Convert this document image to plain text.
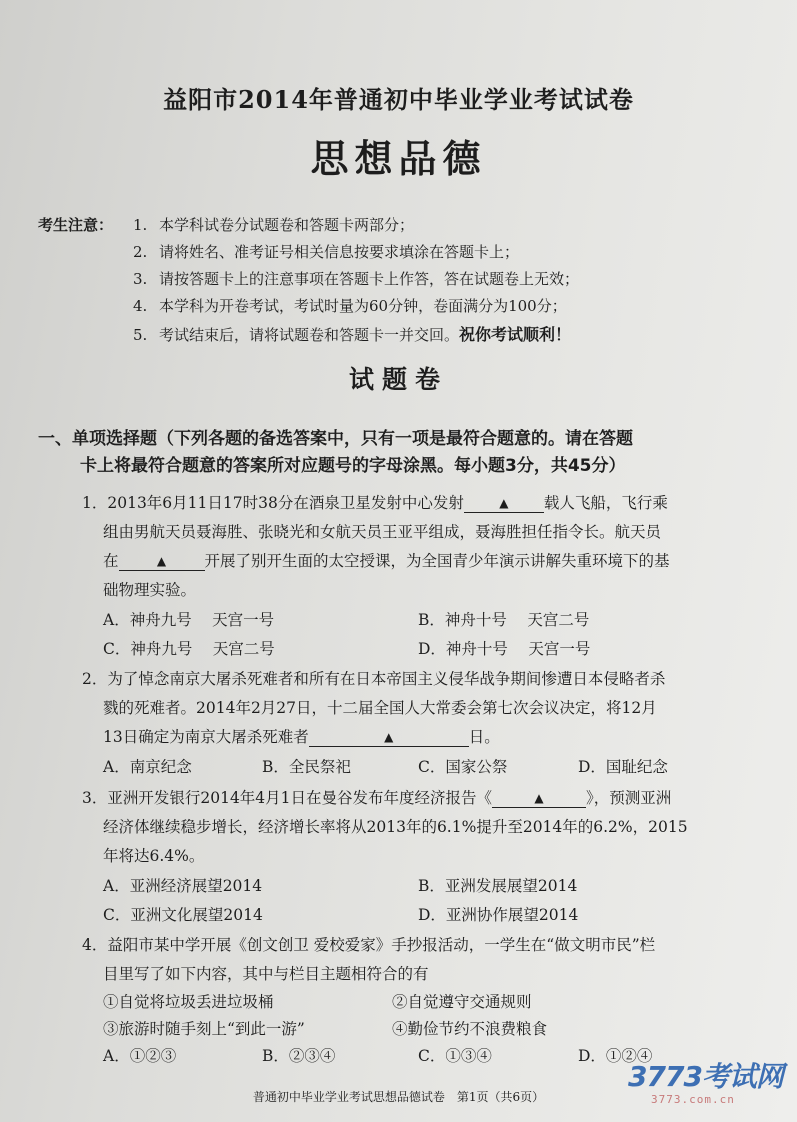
益阳市2014年普通初中毕业学业考试试卷
思想品德
考生注意： 1. 本学科试卷分试题卷和答题卡两部分；
2. 请将姓名、准考证号相关信息按要求填涂在答题卡上；
3. 请按答题卡上的注意事项在答题卡上作答，答在试题卷上无效；
4. 本学科为开卷考试，考试时量为60分钟，卷面满分为100分；
5. 考试结束后，请将试题卷和答题卡一并交回。祝你考试顺利！
试题卷
一、单项选择题（下列各题的备选答案中，只有一项是最符合题意的。请在答题
卡上将最符合题意的答案所对应题号的字母涂黑。每小题3分，共45分）
1．2013年6月11日17时38分在酒泉卫星发射中心发射	▲ 载人飞船，飞行乘
组由男航天员聂海胜、张晓光和女航天员王亚平组成，聂海胜担任指令长。航天员
在	▲ 开展了别开生面的太空授课，为全国青少年演示讲解失重环境下的基
础物理实验。
A．神舟九号　 天宫一号	B．神舟十号　 天宫二号
C．神舟九号　 天宫二号	D．神舟十号　 天宫一号
2．为了悼念南京大屠杀死难者和所有在日本帝国主义侵华战争期间惨遭日本侵略者杀
戮的死难者。2014年2月27日，十二届全国人大常委会第七次会议决定，将12月
13日确定为南京大屠杀死难者	▲	日。
A．南京纪念	B．全民祭祀	C．国家公祭	D．国耻纪念
3．亚洲开发银行2014年4月1日在曼谷发布年度经济报告《	▲	》，预测亚洲
经济体继续稳步增长，经济增长率将从2013年的6.1%提升至2014年的6.2%，2015
年将达6.4%。
A．亚洲经济展望2014	B．亚洲发展展望2014
C．亚洲文化展望2014	D．亚洲协作展望2014
4．益阳市某中学开展《创文创卫 爱校爱家》手抄报活动，一学生在“做文明市民”栏
目里写了如下内容，其中与栏目主题相符合的有
①自觉将垃圾丢进垃圾桶	②自觉遵守交通规则
③旅游时随手刻上“到此一游”	④勤俭节约不浪费粮食
A．①②③	B．②③④	C．①③④	D．①②④
普通初中毕业学业考试思想品德试卷　第1页（共6页）
3773考试网
3773.com.cn
